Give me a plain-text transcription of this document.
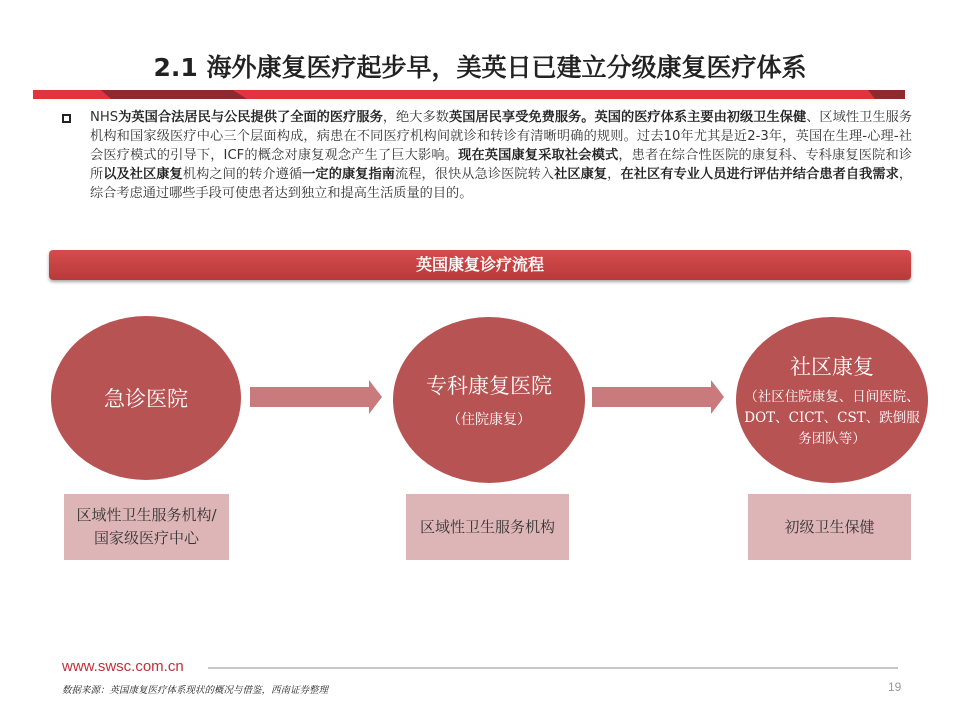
2.1 海外康复医疗起步早，美英日已建立分级康复医疗体系
NHS为英国合法居民与公民提供了全面的医疗服务，绝大多数英国居民享受免费服务。英国的医疗体系主要由初级卫生保健、区域性卫生服务机构和国家级医疗中心三个层面构成，病患在不同医疗机构间就诊和转诊有清晰明确的规则。过去10年尤其是近2-3年，英国在生理-心理-社会医疗模式的引导下，ICF的概念对康复观念产生了巨大影响。现在英国康复采取社会模式，患者在综合性医院的康复科、专科康复医院和诊所以及社区康复机构之间的转介遵循一定的康复指南流程，很快从急诊医院转入社区康复，在社区有专业人员进行评估并结合患者自我需求，综合考虑通过哪些手段可使患者达到独立和提高生活质量的目的。
英国康复诊疗流程
急诊医院
专科康复医院
（住院康复）
社区康复
（社区住院康复、日间医院、DOT、CICT、CST、跌倒服务团队等）
区域性卫生服务机构/
国家级医疗中心
区域性卫生服务机构	初级卫生保健
www.swsc.com.cn
数据来源：英国康复医疗体系现状的概况与借鉴，西南证券整理	19
